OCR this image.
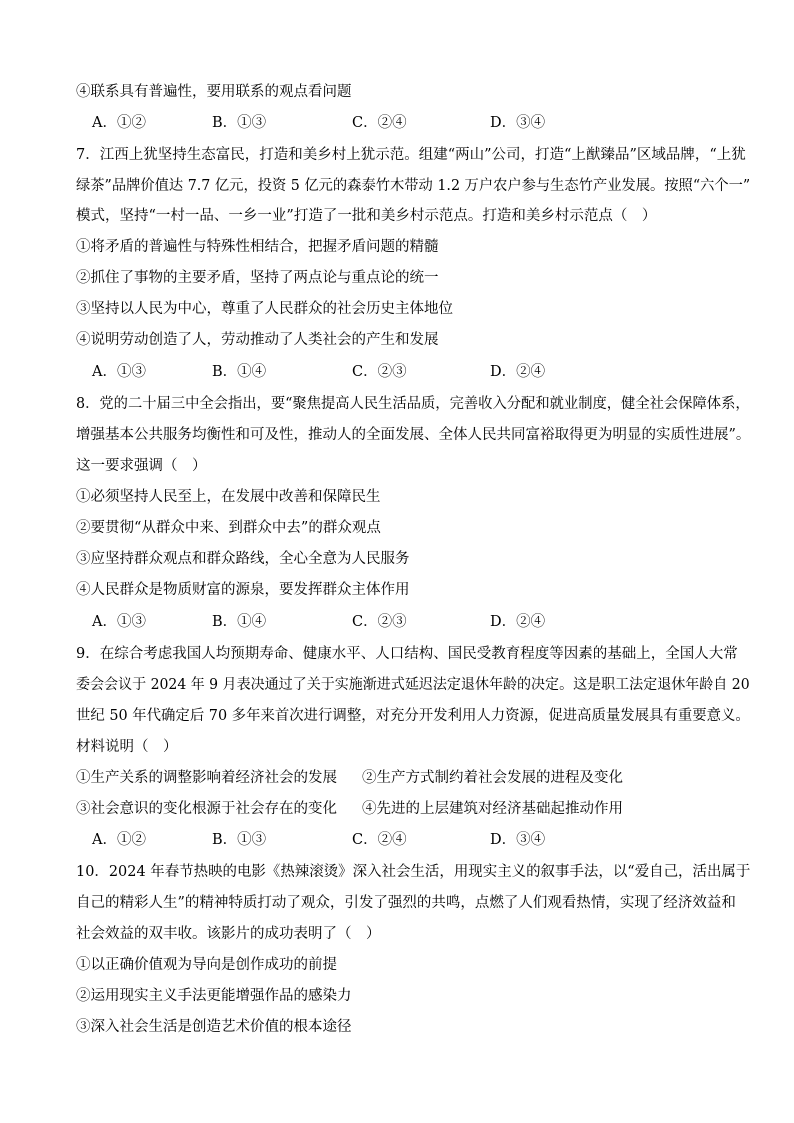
④联系具有普遍性，要用联系的观点看问题
A．①②	B．①③	C．②④	D．③④
7．江西上犹坚持生态富民，打造和美乡村上犹示范。组建“两山”公司，打造“上猷臻品”区域品牌，“上犹
绿茶”品牌价值达 7.7 亿元，投资 5 亿元的森泰竹木带动 1.2 万户农户参与生态竹产业发展。按照“六个一”
模式，坚持“一村一品、一乡一业”打造了一批和美乡村示范点。打造和美乡村示范点（　）
①将矛盾的普遍性与特殊性相结合，把握矛盾问题的精髓
②抓住了事物的主要矛盾，坚持了两点论与重点论的统一
③坚持以人民为中心，尊重了人民群众的社会历史主体地位
④说明劳动创造了人，劳动推动了人类社会的产生和发展
A．①③	B．①④	C．②③	D．②④
8．党的二十届三中全会指出，要“聚焦提高人民生活品质，完善收入分配和就业制度，健全社会保障体系，
增强基本公共服务均衡性和可及性，推动人的全面发展、全体人民共同富裕取得更为明显的实质性进展”。
这一要求强调（　）
①必须坚持人民至上，在发展中改善和保障民生
②要贯彻“从群众中来、到群众中去”的群众观点
③应坚持群众观点和群众路线，全心全意为人民服务
④人民群众是物质财富的源泉，要发挥群众主体作用
A．①③	B．①④	C．②③	D．②④
9．在综合考虑我国人均预期寿命、健康水平、人口结构、国民受教育程度等因素的基础上，全国人大常
委会会议于 2024 年 9 月表决通过了关于实施渐进式延迟法定退休年龄的决定。这是职工法定退休年龄自 20
世纪 50 年代确定后 70 多年来首次进行调整，对充分开发利用人力资源，促进高质量发展具有重要意义。
材料说明（　）
①生产关系的调整影响着经济社会的发展 ②生产方式制约着社会发展的进程及变化
③社会意识的变化根源于社会存在的变化 ④先进的上层建筑对经济基础起推动作用
A．①②	B．①③	C．②④	D．③④
10．2024 年春节热映的电影《热辣滚烫》深入社会生活，用现实主义的叙事手法，以“爱自己，活出属于
自己的精彩人生”的精神特质打动了观众，引发了强烈的共鸣，点燃了人们观看热情，实现了经济效益和
社会效益的双丰收。该影片的成功表明了（　）
①以正确价值观为导向是创作成功的前提
②运用现实主义手法更能增强作品的感染力
③深入社会生活是创造艺术价值的根本途径
